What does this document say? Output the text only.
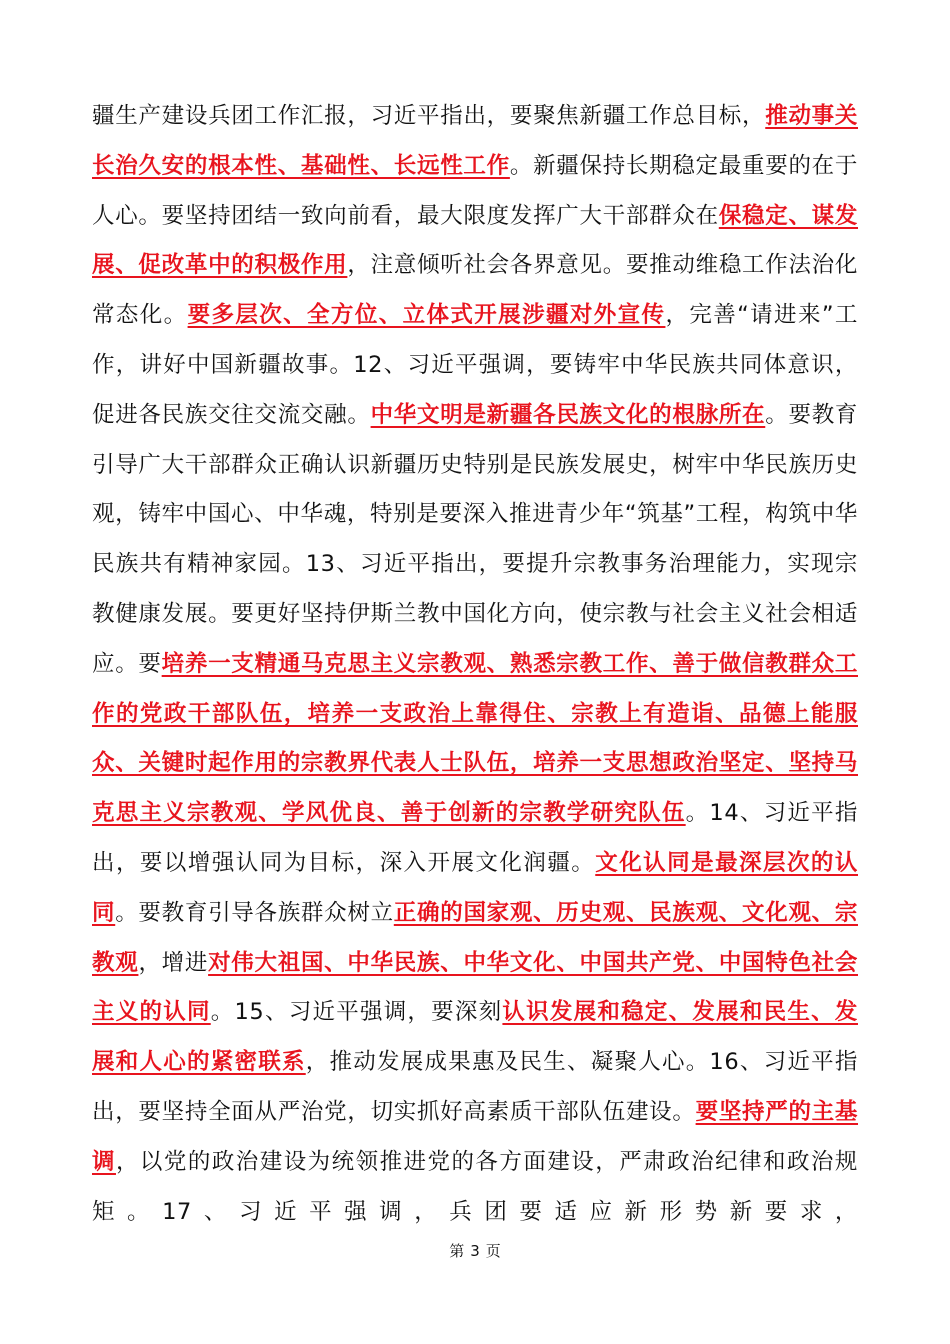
疆生产建设兵团工作汇报，习近平指出，要聚焦新疆工作总目标，推动事关长治久安的根本性、基础性、长远性工作。新疆保持长期稳定最重要的在于人心。要坚持团结一致向前看，最大限度发挥广大干部群众在保稳定、谋发展、促改革中的积极作用，注意倾听社会各界意见。要推动维稳工作法治化常态化。要多层次、全方位、立体式开展涉疆对外宣传，完善“请进来”工作，讲好中国新疆故事。12、习近平强调，要铸牢中华民族共同体意识，促进各民族交往交流交融。中华文明是新疆各民族文化的根脉所在。要教育引导广大干部群众正确认识新疆历史特别是民族发展史，树牢中华民族历史观，铸牢中国心、中华魂，特别是要深入推进青少年“筑基”工程，构筑中华民族共有精神家园。13、习近平指出，要提升宗教事务治理能力，实现宗教健康发展。要更好坚持伊斯兰教中国化方向，使宗教与社会主义社会相适应。要培养一支精通马克思主义宗教观、熟悉宗教工作、善于做信教群众工作的党政干部队伍，培养一支政治上靠得住、宗教上有造诣、品德上能服众、关键时起作用的宗教界代表人士队伍，培养一支思想政治坚定、坚持马克思主义宗教观、学风优良、善于创新的宗教学研究队伍。14、习近平指出，要以增强认同为目标，深入开展文化润疆。文化认同是最深层次的认同。要教育引导各族群众树立正确的国家观、历史观、民族观、文化观、宗教观，增进对伟大祖国、中华民族、中华文化、中国共产党、中国特色社会主义的认同。15、习近平强调，要深刻认识发展和稳定、发展和民生、发展和人心的紧密联系，推动发展成果惠及民生、凝聚人心。16、习近平指出，要坚持全面从严治党，切实抓好高素质干部队伍建设。要坚持严的主基调，以党的政治建设为统领推进党的各方面建设，严肃政治纪律和政治规矩。17、习近平强调，兵团要适应新形势新要求，

第 3 页
